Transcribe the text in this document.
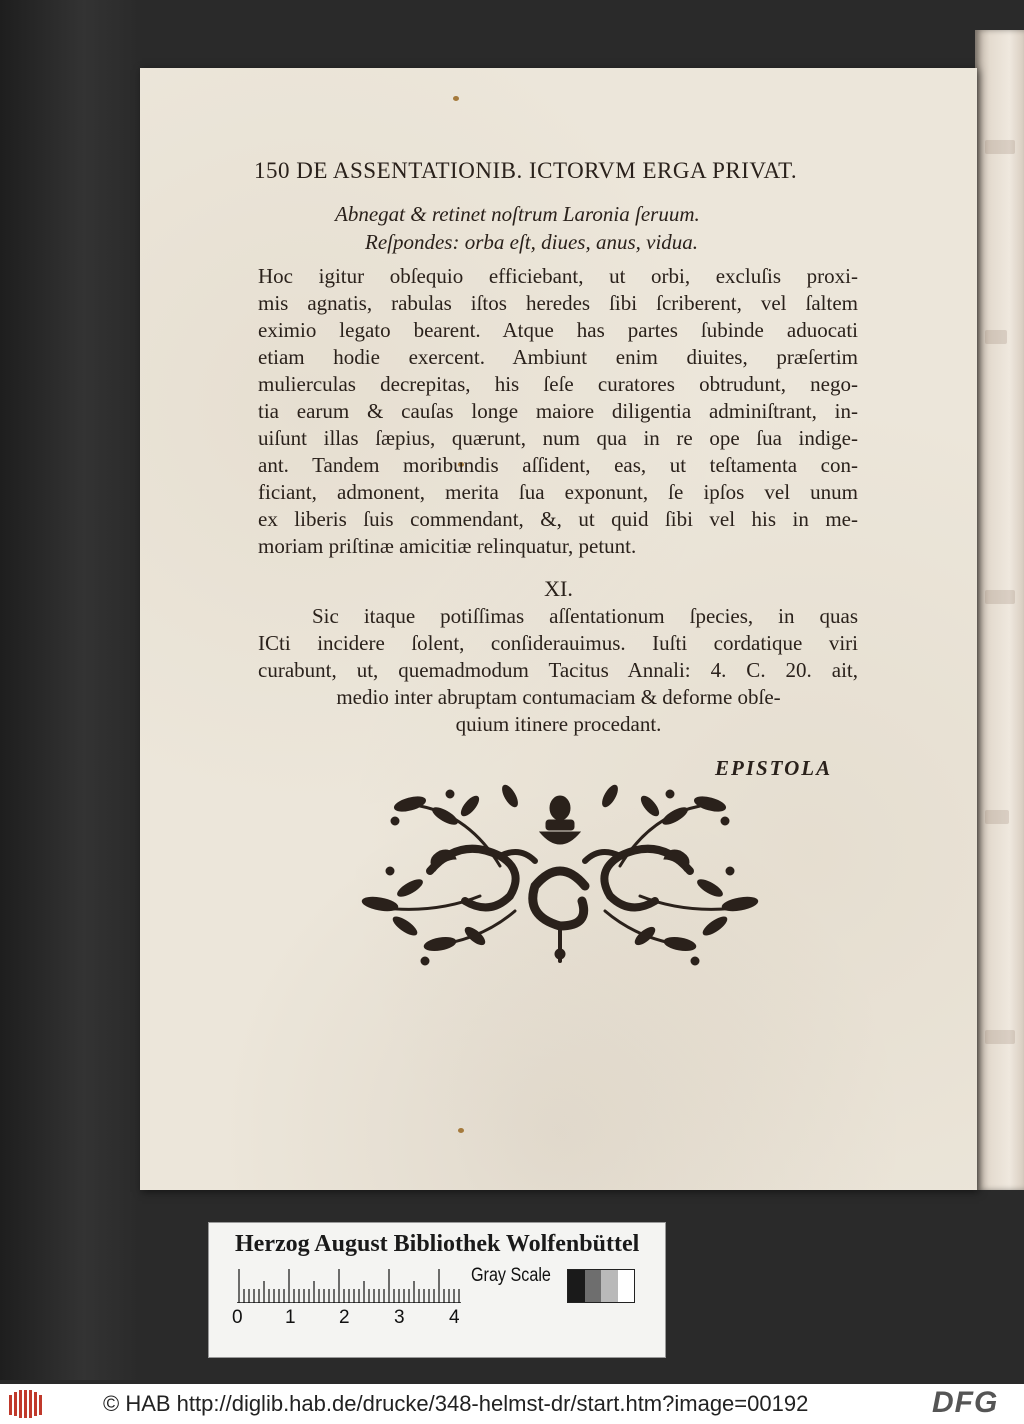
150 DE ASSENTATIONIB. ICTORVM ERGA PRIVAT.
Abnegat & retinet noſtrum Laronia ſeruum.
Reſpondes: orba eſt, diues, anus, vidua.
Hoc igitur obſequio efficiebant, ut orbi, excluſis proxi-
mis agnatis, rabulas iſtos heredes ſibi ſcriberent, vel ſaltem
eximio legato bearent. Atque has partes ſubinde aduocati
etiam hodie exercent. Ambiunt enim diuites, præſertim
mulierculas decrepitas, his ſeſe curatores obtrudunt, nego-
tia earum & cauſas longe maiore diligentia adminiſtrant, in-
uiſunt illas ſæpius, quærunt, num qua in re ope ſua indige-
ant. Tandem moribundis aſſident, eas, ut teſtamenta con-
ficiant, admonent, merita ſua exponunt, ſe ipſos vel unum
ex liberis ſuis commendant, &, ut quid ſibi vel his in me-
moriam priſtinæ amicitiæ relinquatur, petunt.
XI.
Sic itaque potiſſimas aſſentationum ſpecies, in quas
ICti incidere ſolent, conſiderauimus. Iuſti cordatique viri
curabunt, ut, quemadmodum Tacitus Annali: 4. C. 20. ait,
medio inter abruptam contumaciam & deforme obſe-
quium itinere procedant.
EPISTOLA
Herzog August Bibliothek Wolfenbüttel
0 1 2 3 4
Gray Scale
© HAB http://diglib.hab.de/drucke/348-helmst-dr/start.htm?image=00192	DFG
